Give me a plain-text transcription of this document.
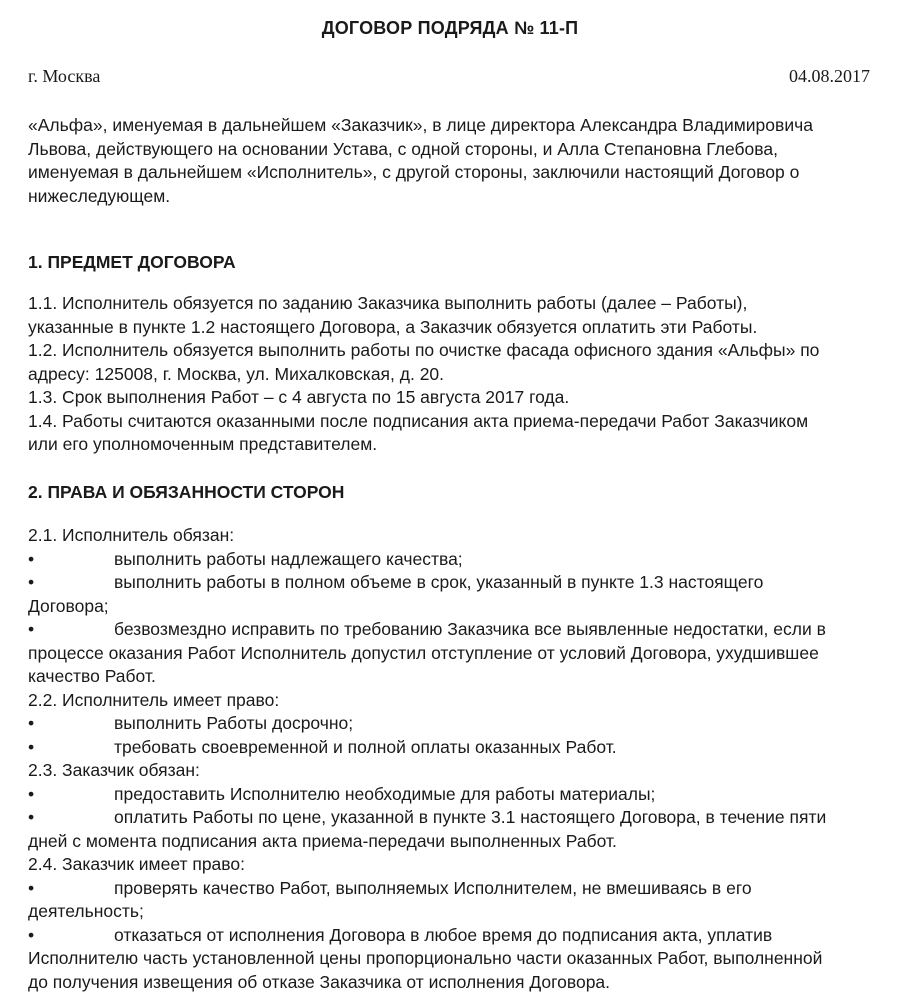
ДОГОВОР ПОДРЯДА № 11-П
г. Москва	04.08.2017
«Альфа», именуемая в дальнейшем «Заказчик», в лице директора Александра Владимировича
Львова, действующего на основании Устава, с одной стороны, и Алла Степановна Глебова,
именуемая в дальнейшем «Исполнитель», с другой стороны, заключили настоящий Договор о
нижеследующем.
1. ПРЕДМЕТ ДОГОВОРА
1.1. Исполнитель обязуется по заданию Заказчика выполнить работы (далее – Работы),
указанные в пункте 1.2 настоящего Договора, а Заказчик обязуется оплатить эти Работы.
1.2. Исполнитель обязуется выполнить работы по очистке фасада офисного здания «Альфы» по
адресу: 125008, г. Москва, ул. Михалковская, д. 20.
1.3. Срок выполнения Работ – с 4 августа по 15 августа 2017 года.
1.4. Работы считаются оказанными после подписания акта приема-передачи Работ Заказчиком
или его уполномоченным представителем.
2. ПРАВА И ОБЯЗАННОСТИ СТОРОН
2.1. Исполнитель обязан:
•	выполнить работы надлежащего качества;
•	выполнить работы в полном объеме в срок, указанный в пункте 1.3 настоящего
Договора;
•	безвозмездно исправить по требованию Заказчика все выявленные недостатки, если в
процессе оказания Работ Исполнитель допустил отступление от условий Договора, ухудшившее
качество Работ.
2.2. Исполнитель имеет право:
•	выполнить Работы досрочно;
•	требовать своевременной и полной оплаты оказанных Работ.
2.3. Заказчик обязан:
•	предоставить Исполнителю необходимые для работы материалы;
•	оплатить Работы по цене, указанной в пункте 3.1 настоящего Договора, в течение пяти
дней с момента подписания акта приема-передачи выполненных Работ.
2.4. Заказчик имеет право:
•	проверять качество Работ, выполняемых Исполнителем, не вмешиваясь в его
деятельность;
•	отказаться от исполнения Договора в любое время до подписания акта, уплатив
Исполнителю часть установленной цены пропорционально части оказанных Работ, выполненной
до получения извещения об отказе Заказчика от исполнения Договора.
